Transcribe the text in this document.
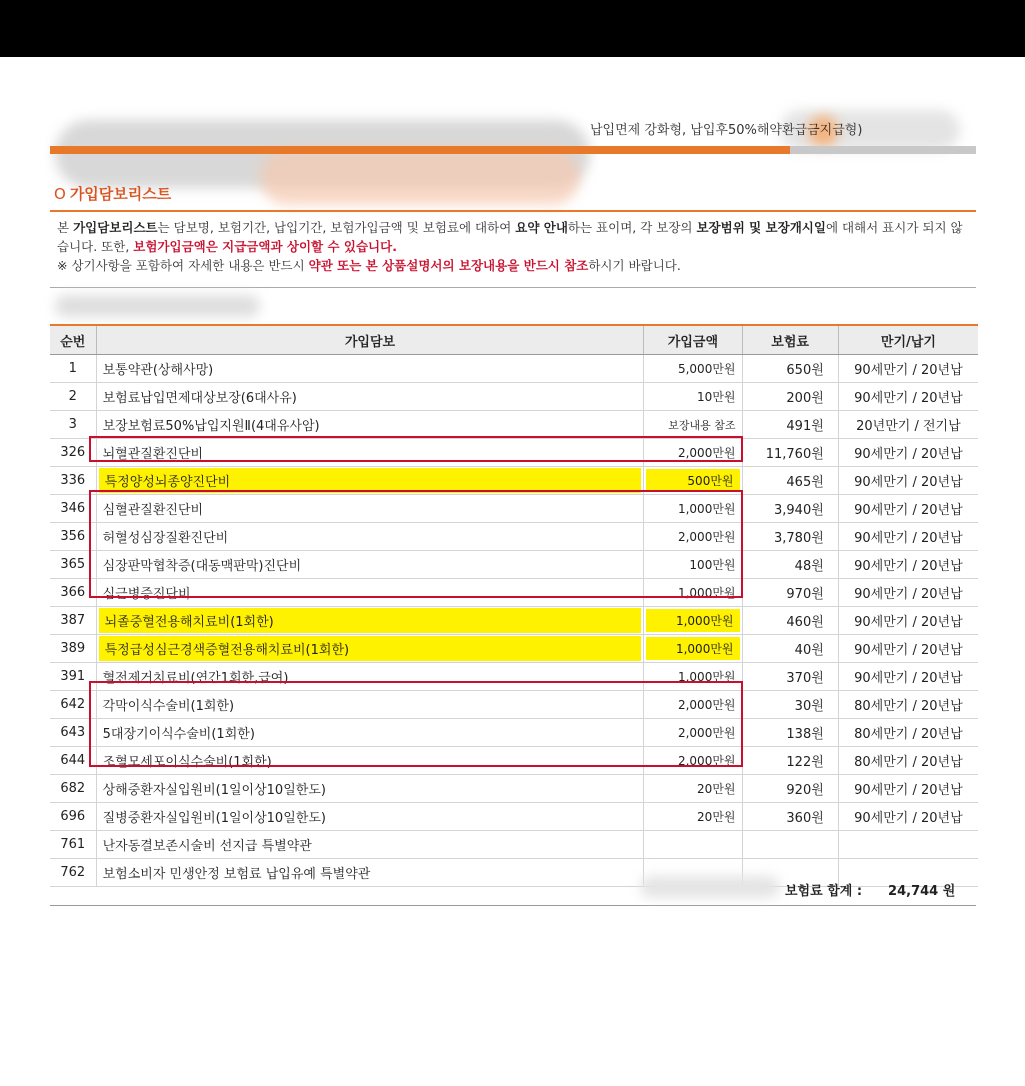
납입면제 강화형, 납입후50%해약환급금지급형)
O 가입담보리스트
본 가입담보리스트는 담보명, 보험기간, 납입기간, 보험가입금액 및 보험료에 대하여 요약 안내하는 표이며, 각 보장의 보장범위 및 보장개시일에 대해서 표시가 되지 않습니다. 또한, 보험가입금액은 지급금액과 상이할 수 있습니다.
※ 상기사항을 포함하여 자세한 내용은 반드시 약관 또는 본 상품설명서의 보장내용을 반드시 참조하시기 바랍니다.
순번	가입담보	가입금액	보험료	만기/납기
1	보통약관(상해사망)	5,000만원	650원	90세만기 / 20년납
2	보험료납입면제대상보장(6대사유)	10만원	200원	90세만기 / 20년납
3	보장보험료50%납입지원Ⅱ(4대유사암)	보장내용 참조	491원	20년만기 / 전기납
326	뇌혈관질환진단비	2,000만원	11,760원	90세만기 / 20년납
336	특정양성뇌종양진단비	500만원	465원	90세만기 / 20년납
346	심혈관질환진단비	1,000만원	3,940원	90세만기 / 20년납
356	허혈성심장질환진단비	2,000만원	3,780원	90세만기 / 20년납
365	심장판막협착증(대동맥판막)진단비	100만원	48원	90세만기 / 20년납
366	심근병증진단비	1,000만원	970원	90세만기 / 20년납
387	뇌졸중혈전용해치료비(1회한)	1,000만원	460원	90세만기 / 20년납
389	특정급성심근경색증혈전용해치료비(1회한)	1,000만원	40원	90세만기 / 20년납
391	혈전제거치료비(연간1회한,급여)	1,000만원	370원	90세만기 / 20년납
642	각막이식수술비(1회한)	2,000만원	30원	80세만기 / 20년납
643	5대장기이식수술비(1회한)	2,000만원	138원	80세만기 / 20년납
644	조혈모세포이식수술비(1회한)	2,000만원	122원	80세만기 / 20년납
682	상해중환자실입원비(1일이상10일한도)	20만원	920원	90세만기 / 20년납
696	질병중환자실입원비(1일이상10일한도)	20만원	360원	90세만기 / 20년납
761	난자동결보존시술비 선지급 특별약관			
762	보험소비자 민생안정 보험료 납입유예 특별약관			
보험료 합계 : 24,744 원
